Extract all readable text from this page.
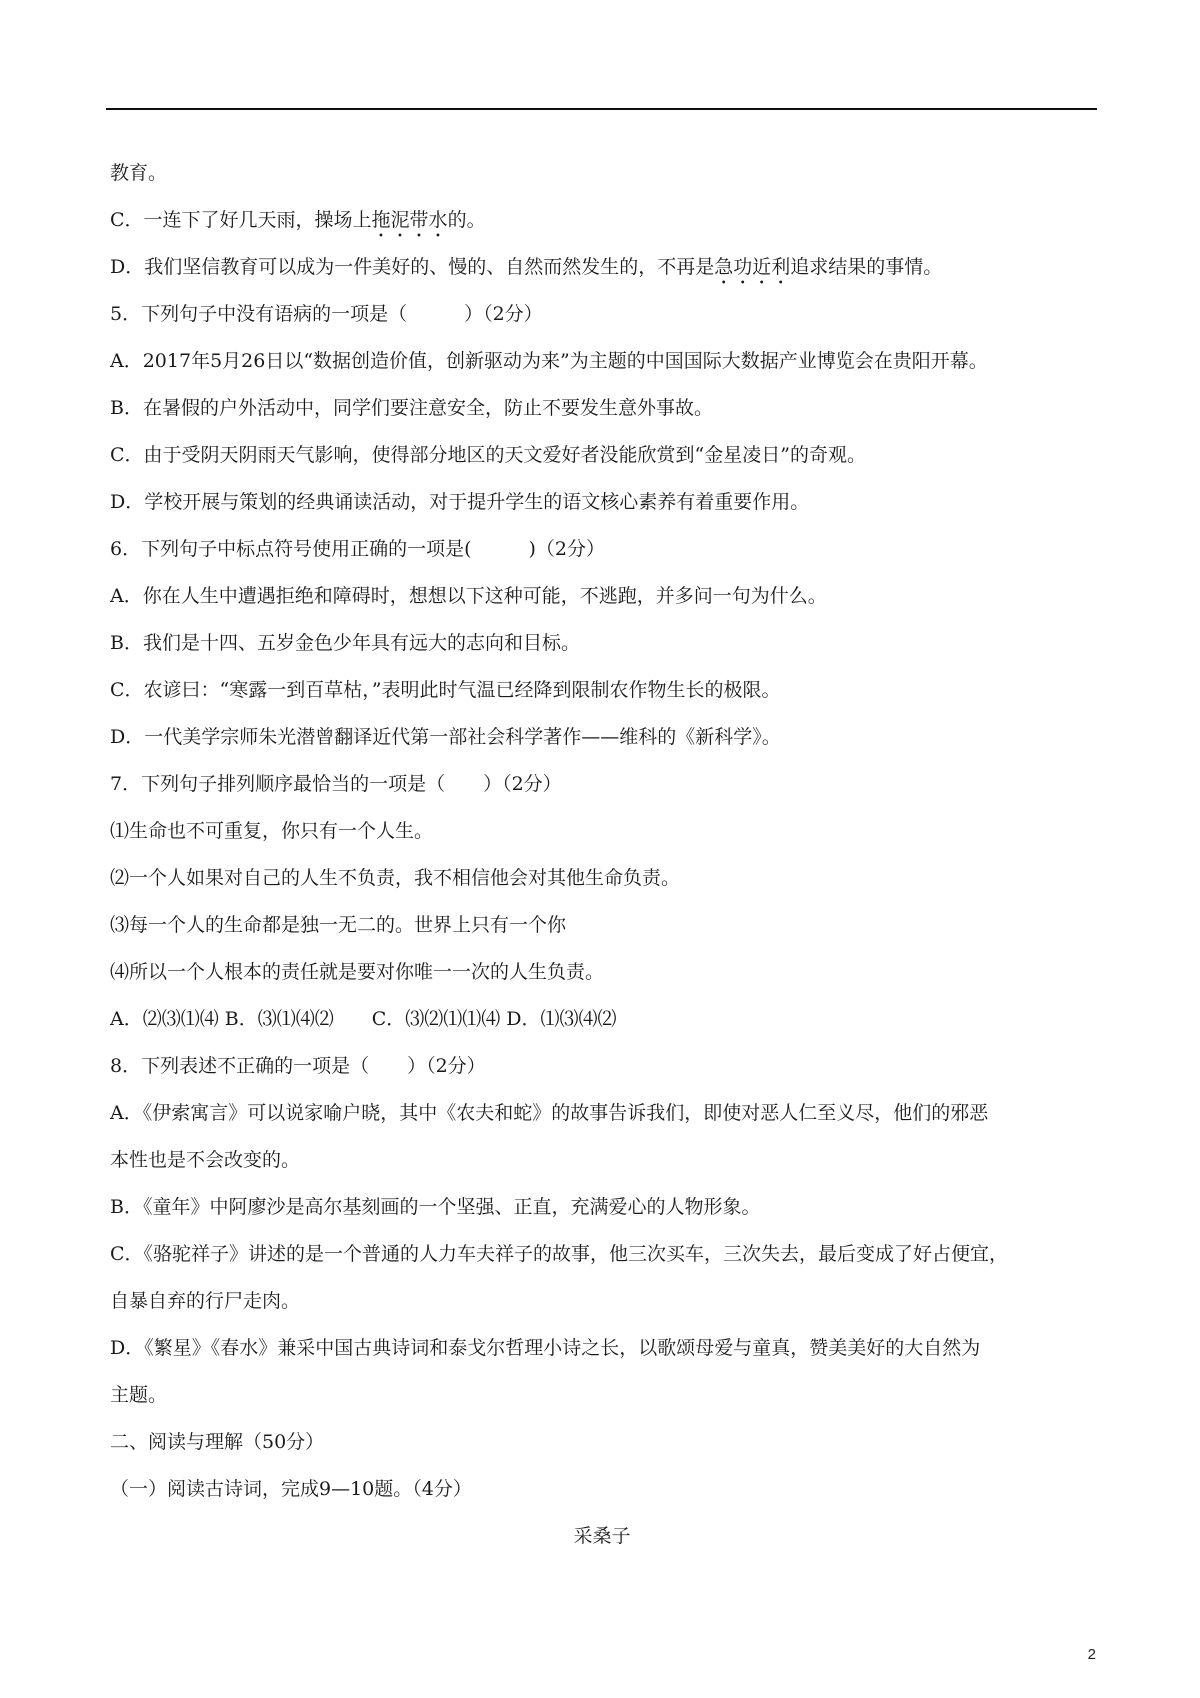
教育。
C．一连下了好几天雨，操场上拖泥带水的。
D．我们坚信教育可以成为一件美好的、慢的、自然而然发生的，不再是急功近利追求结果的事情。
5．下列句子中没有语病的一项是（　　　）（2分）
A．2017年5月26日以“数据创造价值，创新驱动为来”为主题的中国国际大数据产业博览会在贵阳开幕。
B．在暑假的户外活动中，同学们要注意安全，防止不要发生意外事故。
C．由于受阴天阴雨天气影响，使得部分地区的天文爱好者没能欣赏到“金星凌日”的奇观。
D．学校开展与策划的经典诵读活动，对于提升学生的语文核心素养有着重要作用。
6．下列句子中标点符号使用正确的一项是(　　　)（2分）
A．你在人生中遭遇拒绝和障碍时，想想以下这种可能，不逃跑，并多问一句为什么。
B．我们是十四、五岁金色少年具有远大的志向和目标。
C．农谚曰：“寒露一到百草枯，”表明此时气温已经降到限制农作物生长的极限。
D．一代美学宗师朱光潜曾翻译近代第一部社会科学著作——维科的《新科学》。
7．下列句子排列顺序最恰当的一项是（　　）（2分）
⑴生命也不可重复，你只有一个人生。
⑵一个人如果对自己的人生不负责，我不相信他会对其他生命负责。
⑶每一个人的生命都是独一无二的。世界上只有一个你
⑷所以一个人根本的责任就是要对你唯一一次的人生负责。
A．⑵⑶⑴⑷ B．⑶⑴⑷⑵　　C．⑶⑵⑴⑴⑷ D．⑴⑶⑷⑵
8．下列表述不正确的一项是（　　）（2分）
A．《伊索寓言》可以说家喻户晓，其中《农夫和蛇》的故事告诉我们，即使对恶人仁至义尽，他们的邪恶
本性也是不会改变的。
B．《童年》中阿廖沙是高尔基刻画的一个坚强、正直，充满爱心的人物形象。
C．《骆驼祥子》讲述的是一个普通的人力车夫祥子的故事，他三次买车，三次失去，最后变成了好占便宜，
自暴自弃的行尸走肉。
D．《繁星》《春水》兼采中国古典诗词和泰戈尔哲理小诗之长，以歌颂母爱与童真，赞美美好的大自然为
主题。
二、阅读与理解（50分）
（一）阅读古诗词，完成9—10题。（4分）
采桑子
2
